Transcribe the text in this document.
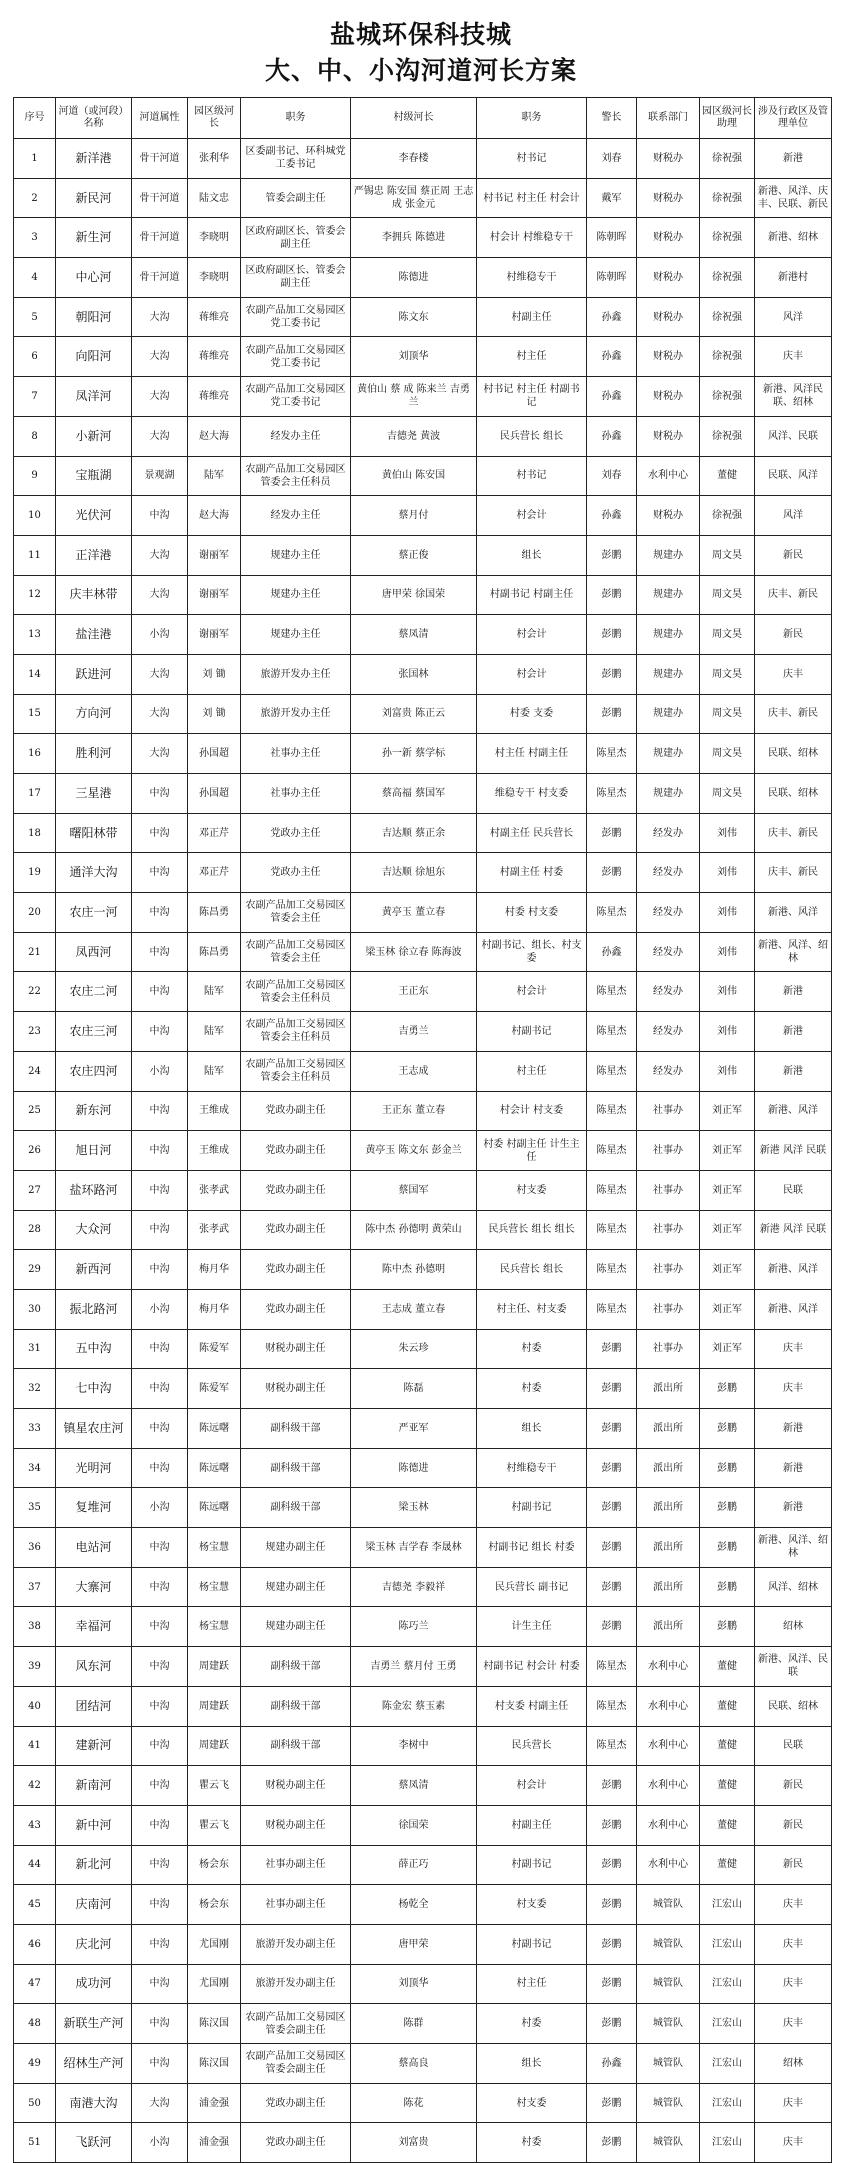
盐城环保科技城
大、中、小沟河道河长方案
序号	河道（或河段）名称	河道属性	园区级河长	职务	村级河长	职务	警长	联系部门	园区级河长助理	涉及行政区及管理单位
1	新洋港	骨干河道	张利华	区委副书记、环科城党工委书记	李春楼	村书记	刘春	财税办	徐祝强	新港
2	新民河	骨干河道	陆文忠	管委会副主任	严锡忠 陈安国 蔡正周 王志成 张金元	村书记 村主任 村会计	戴军	财税办	徐祝强	新港、风洋、庆丰、民联、新民
3	新生河	骨干河道	李晓明	区政府副区长、管委会副主任	李拥兵 陈德进	村会计 村维稳专干	陈朝晖	财税办	徐祝强	新港、绍林
4	中心河	骨干河道	李晓明	区政府副区长、管委会副主任	陈德进	村维稳专干	陈朝晖	财税办	徐祝强	新港村
5	朝阳河	大沟	蒋维亮	农副产品加工交易园区党工委书记	陈文东	村副主任	孙鑫	财税办	徐祝强	风洋
6	向阳河	大沟	蒋维亮	农副产品加工交易园区党工委书记	刘顶华	村主任	孙鑫	财税办	徐祝强	庆丰
7	凤洋河	大沟	蒋维亮	农副产品加工交易园区党工委书记	黄伯山 蔡 成 陈来兰 吉勇兰	村书记 村主任 村副书记	孙鑫	财税办	徐祝强	新港、风洋民联、绍林
8	小新河	大沟	赵大海	经发办主任	吉德尧 黄波	民兵营长 组长	孙鑫	财税办	徐祝强	风洋、民联
9	宝瓶湖	景观湖	陆军	农副产品加工交易园区管委会主任科员	黄伯山 陈安国	村书记	刘春	水利中心	董健	民联、风洋
10	光伏河	中沟	赵大海	经发办主任	蔡月付	村会计	孙鑫	财税办	徐祝强	风洋
11	正洋港	大沟	谢丽军	规建办主任	蔡正俊	组长	彭鹏	规建办	周文昊	新民
12	庆丰林带	大沟	谢丽军	规建办主任	唐甲荣 徐国荣	村副书记 村副主任	彭鹏	规建办	周文昊	庆丰、新民
13	盐洼港	小沟	谢丽军	规建办主任	蔡凤清	村会计	彭鹏	规建办	周文昊	新民
14	跃进河	大沟	刘 锄	旅游开发办主任	张国林	村会计	彭鹏	规建办	周文昊	庆丰
15	方向河	大沟	刘 锄	旅游开发办主任	刘富贵 陈正云	村委 支委	彭鹏	规建办	周文昊	庆丰、新民
16	胜利河	大沟	孙国超	社事办主任	孙一新 蔡学标	村主任 村副主任	陈星杰	规建办	周文昊	民联、绍林
17	三星港	中沟	孙国超	社事办主任	蔡高福 蔡国军	维稳专干 村支委	陈星杰	规建办	周文昊	民联、绍林
18	曙阳林带	中沟	邓正芹	党政办主任	吉达顺 蔡正余	村副主任 民兵营长	彭鹏	经发办	刘伟	庆丰、新民
19	通洋大沟	中沟	邓正芹	党政办主任	吉达顺 徐旭东	村副主任 村委	彭鹏	经发办	刘伟	庆丰、新民
20	农庄一河	中沟	陈昌勇	农副产品加工交易园区管委会主任	黄亭玉 董立春	村委 村支委	陈星杰	经发办	刘伟	新港、风洋
21	凤西河	中沟	陈昌勇	农副产品加工交易园区管委会主任	梁玉林 徐立春 陈海波	村副书记、组长、村支委	孙鑫	经发办	刘伟	新港、风洋、绍林
22	农庄二河	中沟	陆军	农副产品加工交易园区管委会主任科员	王正东	村会计	陈星杰	经发办	刘伟	新港
23	农庄三河	中沟	陆军	农副产品加工交易园区管委会主任科员	吉勇兰	村副书记	陈星杰	经发办	刘伟	新港
24	农庄四河	小沟	陆军	农副产品加工交易园区管委会主任科员	王志成	村主任	陈星杰	经发办	刘伟	新港
25	新东河	中沟	王维成	党政办副主任	王正东 董立春	村会计 村支委	陈星杰	社事办	刘正军	新港、风洋
26	旭日河	中沟	王维成	党政办副主任	黄亭玉 陈文东 彭金兰	村委 村副主任 计生主任	陈星杰	社事办	刘正军	新港 风洋 民联
27	盐环路河	中沟	张孝武	党政办副主任	蔡国军	村支委	陈星杰	社事办	刘正军	民联
28	大众河	中沟	张孝武	党政办副主任	陈中杰 孙德明 黄荣山	民兵营长 组长 组长	陈星杰	社事办	刘正军	新港 风洋 民联
29	新西河	中沟	梅月华	党政办副主任	陈中杰 孙德明	民兵营长 组长	陈星杰	社事办	刘正军	新港、风洋
30	振北路河	小沟	梅月华	党政办副主任	王志成 董立春	村主任、村支委	陈星杰	社事办	刘正军	新港、风洋
31	五中沟	中沟	陈爱军	财税办副主任	朱云珍	村委	彭鹏	社事办	刘正军	庆丰
32	七中沟	中沟	陈爱军	财税办副主任	陈磊	村委	彭鹏	派出所	彭鹏	庆丰
33	镇星农庄河	中沟	陈远曙	副科级干部	严亚军	组长	彭鹏	派出所	彭鹏	新港
34	光明河	中沟	陈远曙	副科级干部	陈德进	村维稳专干	彭鹏	派出所	彭鹏	新港
35	复堆河	小沟	陈远曙	副科级干部	梁玉林	村副书记	彭鹏	派出所	彭鹏	新港
36	电站河	中沟	杨宝慧	规建办副主任	梁玉林 吉学春 李晟林	村副书记 组长 村委	彭鹏	派出所	彭鹏	新港、风洋、绍林
37	大寨河	中沟	杨宝慧	规建办副主任	吉德尧 李毅祥	民兵营长 副书记	彭鹏	派出所	彭鹏	风洋、绍林
38	幸福河	中沟	杨宝慧	规建办副主任	陈巧兰	计生主任	彭鹏	派出所	彭鹏	绍林
39	风东河	中沟	周建跃	副科级干部	吉勇兰 蔡月付 王勇	村副书记 村会计 村委	陈星杰	水利中心	董健	新港、风洋、民联
40	团结河	中沟	周建跃	副科级干部	陈金宏 蔡玉素	村支委 村副主任	陈星杰	水利中心	董健	民联、绍林
41	建新河	中沟	周建跃	副科级干部	李树中	民兵营长	陈星杰	水利中心	董健	民联
42	新南河	中沟	瞿云飞	财税办副主任	蔡凤清	村会计	彭鹏	水利中心	董健	新民
43	新中河	中沟	瞿云飞	财税办副主任	徐国荣	村副主任	彭鹏	水利中心	董健	新民
44	新北河	中沟	杨会东	社事办副主任	薛正巧	村副书记	彭鹏	水利中心	董健	新民
45	庆南河	中沟	杨会东	社事办副主任	杨乾全	村支委	彭鹏	城管队	江宏山	庆丰
46	庆北河	中沟	尤国刚	旅游开发办副主任	唐甲荣	村副书记	彭鹏	城管队	江宏山	庆丰
47	成功河	中沟	尤国刚	旅游开发办副主任	刘顶华	村主任	彭鹏	城管队	江宏山	庆丰
48	新联生产河	中沟	陈汉国	农副产品加工交易园区管委会副主任	陈群	村委	彭鹏	城管队	江宏山	庆丰
49	绍林生产河	中沟	陈汉国	农副产品加工交易园区管委会副主任	蔡高良	组长	孙鑫	城管队	江宏山	绍林
50	南港大沟	大沟	浦金强	党政办副主任	陈花	村支委	彭鹏	城管队	江宏山	庆丰
51	飞跃河	小沟	浦金强	党政办副主任	刘富贵	村委	彭鹏	城管队	江宏山	庆丰
